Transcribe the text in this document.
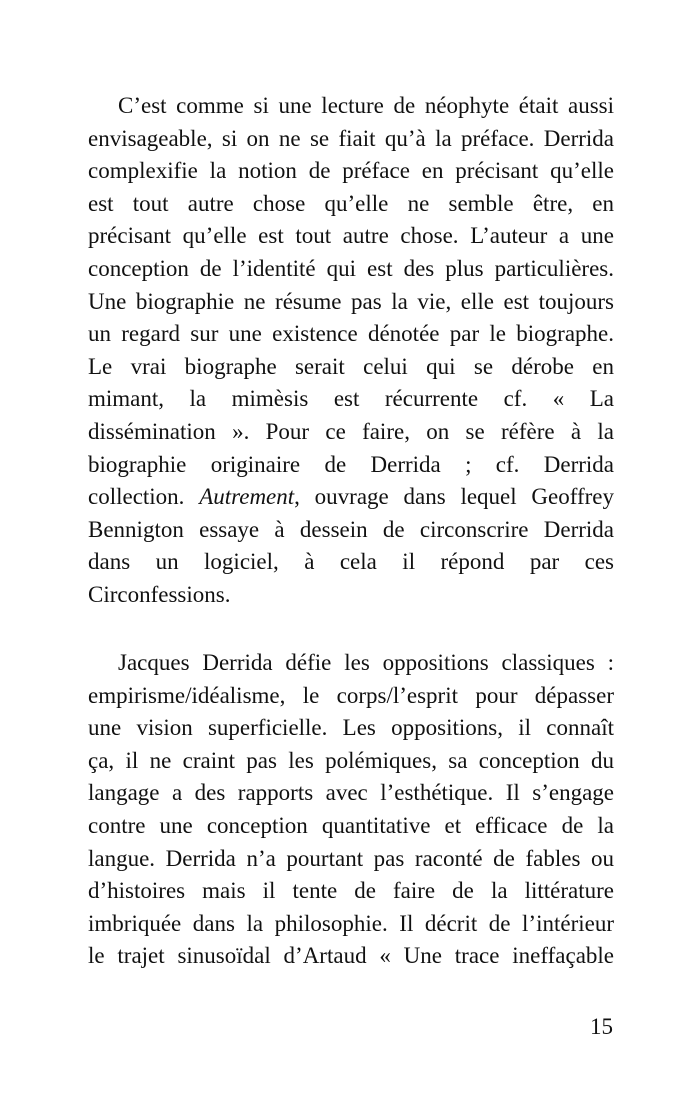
C’est comme si une lecture de néophyte était aussi
envisageable, si on ne se fiait qu’à la préface. Derrida
complexifie la notion de préface en précisant qu’elle
est tout autre chose qu’elle ne semble être, en
précisant qu’elle est tout autre chose. L’auteur a une
conception de l’identité qui est des plus particulières.
Une biographie ne résume pas la vie, elle est toujours
un regard sur une existence dénotée par le biographe.
Le vrai biographe serait celui qui se dérobe en
mimant, la mimèsis est récurrente cf. « La
dissémination ». Pour ce faire, on se réfère à la
biographie originaire de Derrida ; cf. Derrida
collection. Autrement, ouvrage dans lequel Geoffrey
Bennigton essaye à dessein de circonscrire Derrida
dans un logiciel, à cela il répond par ces
Circonfessions.
Jacques Derrida défie les oppositions classiques :
empirisme/idéalisme, le corps/l’esprit pour dépasser
une vision superficielle. Les oppositions, il connaît
ça, il ne craint pas les polémiques, sa conception du
langage a des rapports avec l’esthétique. Il s’engage
contre une conception quantitative et efficace de la
langue. Derrida n’a pourtant pas raconté de fables ou
d’histoires mais il tente de faire de la littérature
imbriquée dans la philosophie. Il décrit de l’intérieur
le trajet sinusoïdal d’Artaud « Une trace ineffaçable
15
